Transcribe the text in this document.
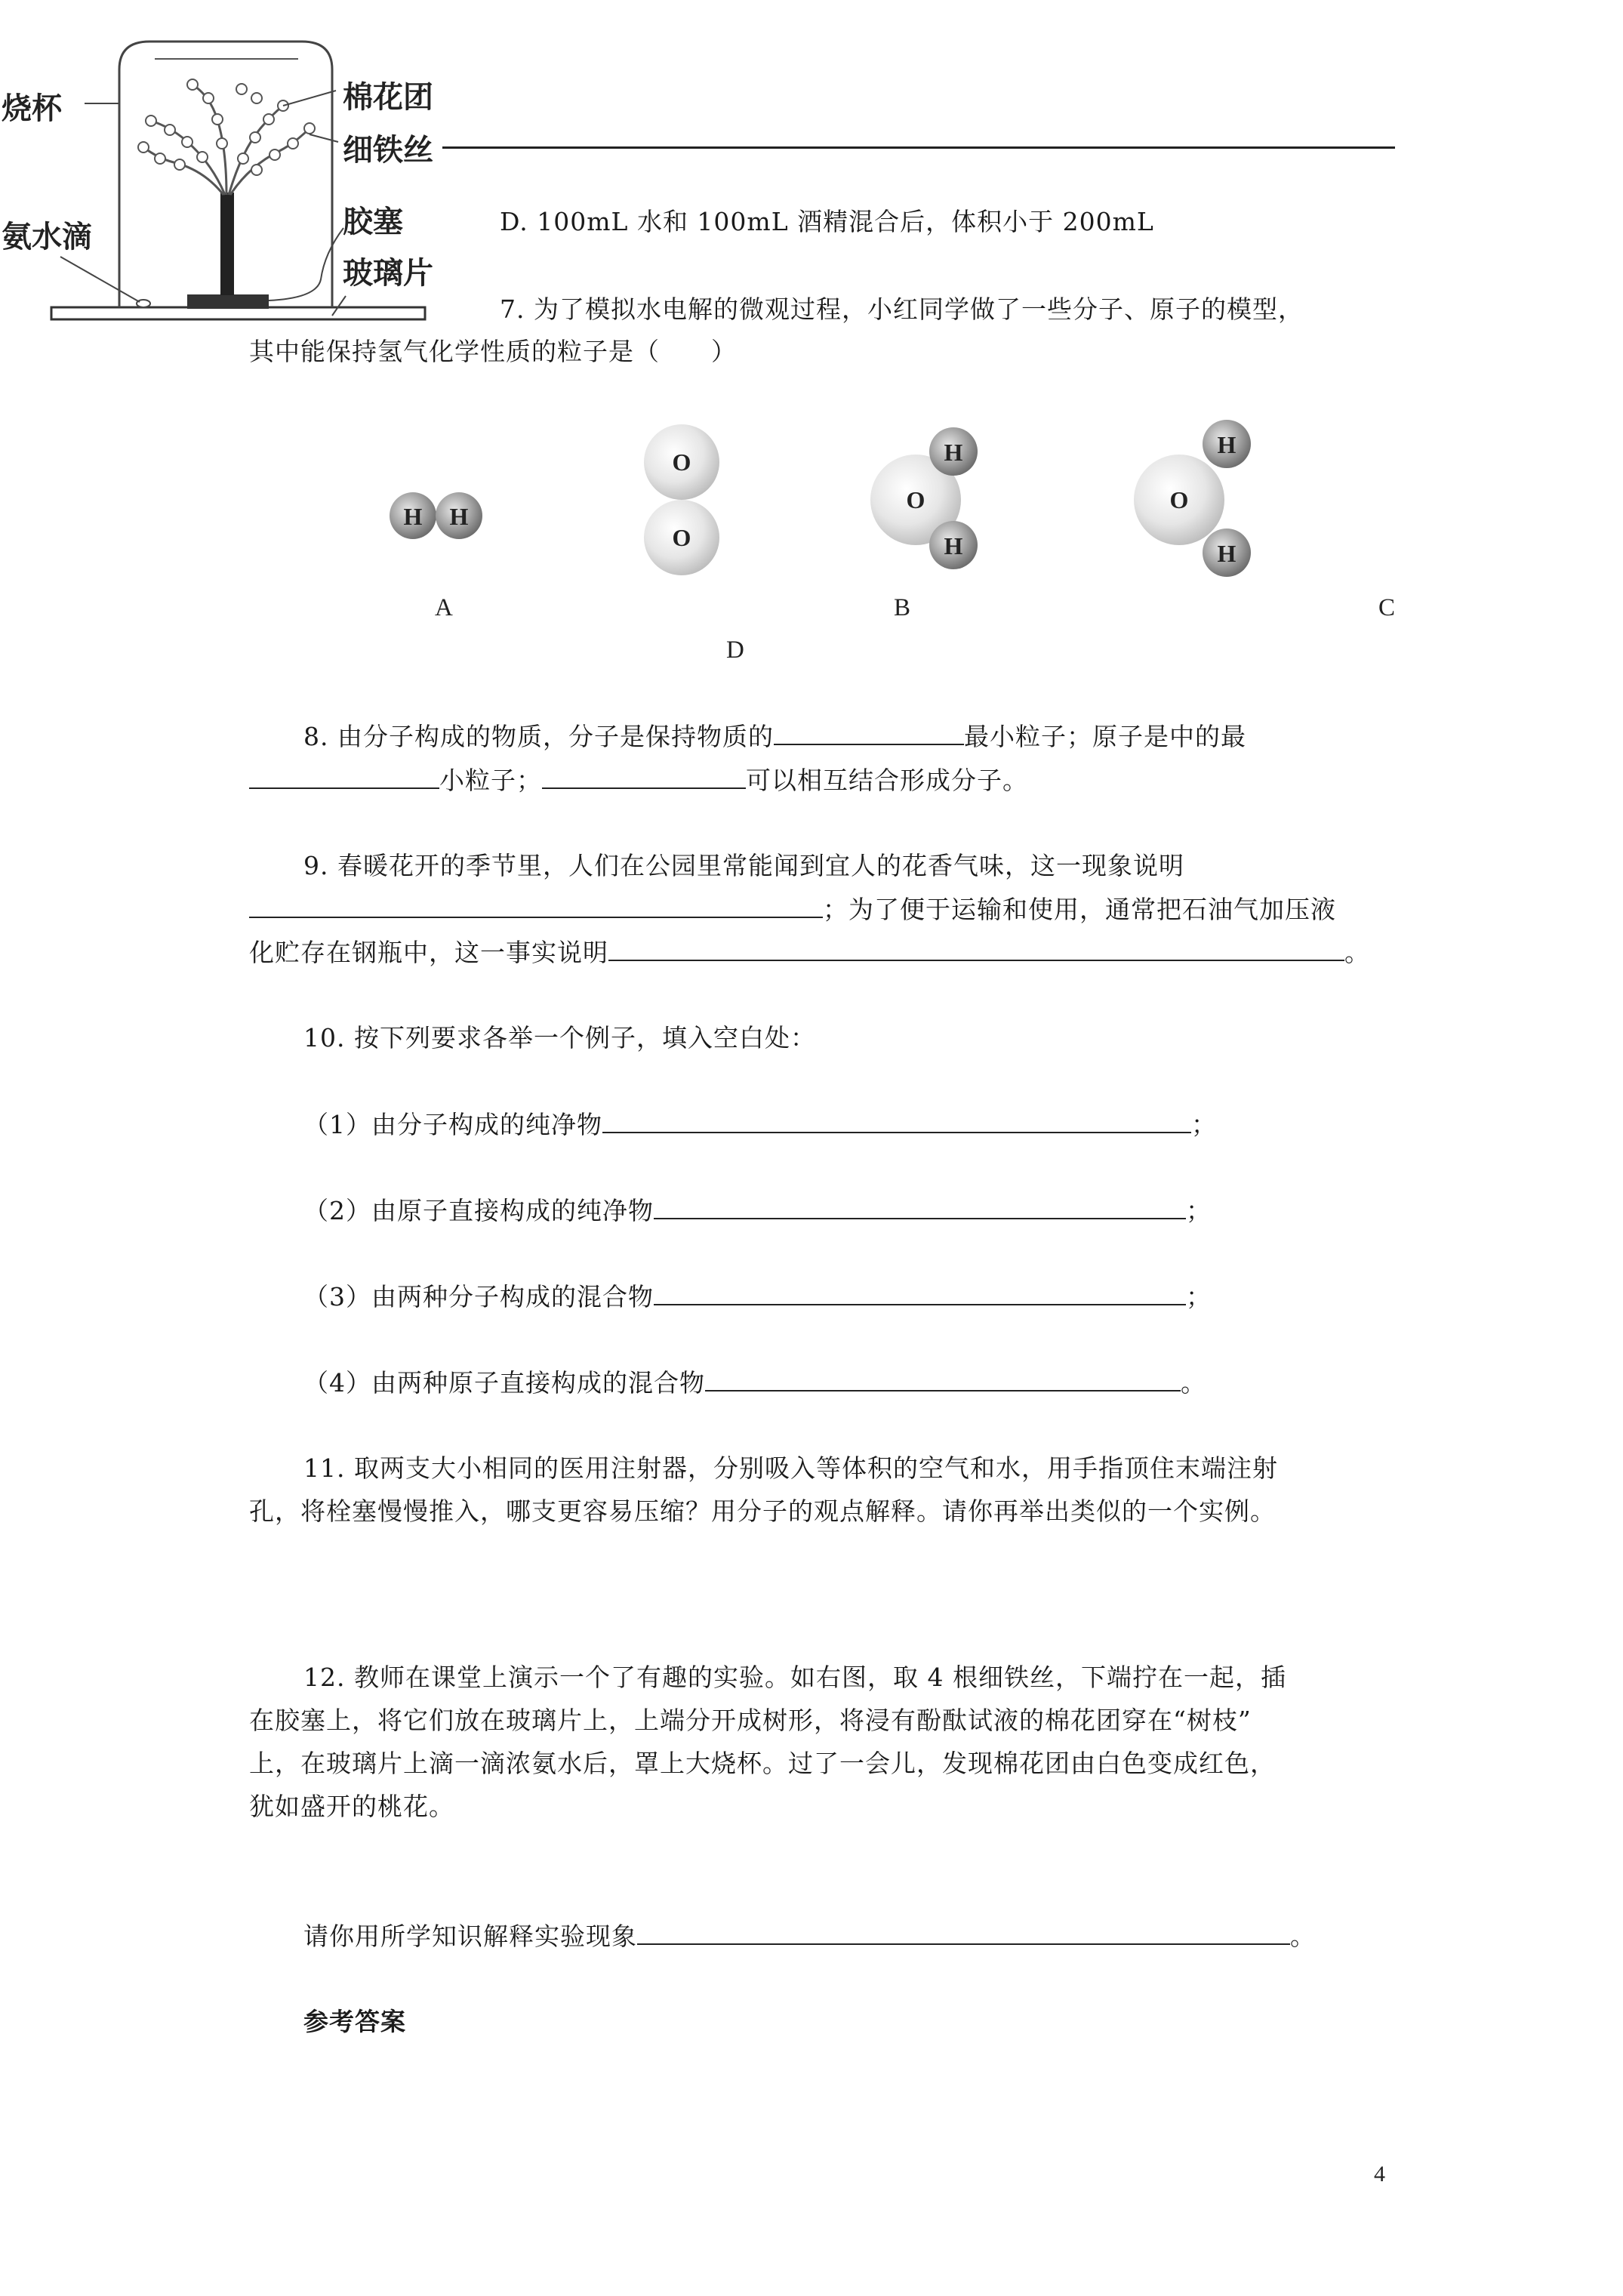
烧杯	棉花团
细铁丝
氨水滴	胶塞
玻璃片
D. 100mL 水和 100mL 酒精混合后，体积小于 200mL
7. 为了模拟水电解的微观过程，小红同学做了一些分子、原子的模型，
其中能保持氢气化学性质的粒子是（　　）
H H
O
O
O
H
H
O
H
H
A	B	C
D
8. 由分子构成的物质，分子是保持物质的	最小粒子；原子是中的最
小粒子；	可以相互结合形成分子。
9. 春暖花开的季节里，人们在公园里常能闻到宜人的花香气味，这一现象说明
；为了便于运输和使用，通常把石油气加压液
化贮存在钢瓶中，这一事实说明	。
10. 按下列要求各举一个例子，填入空白处：
（1）由分子构成的纯净物	；
（2）由原子直接构成的纯净物	；
（3）由两种分子构成的混合物	；
（4）由两种原子直接构成的混合物	。
11. 取两支大小相同的医用注射器，分别吸入等体积的空气和水，用手指顶住末端注射
孔，将栓塞慢慢推入，哪支更容易压缩？用分子的观点解释。请你再举出类似的一个实例。
12. 教师在课堂上演示一个了有趣的实验。如右图，取 4 根细铁丝，下端拧在一起，插
在胶塞上，将它们放在玻璃片上，上端分开成树形，将浸有酚酞试液的棉花团穿在“树枝”
上，在玻璃片上滴一滴浓氨水后，罩上大烧杯。过了一会儿，发现棉花团由白色变成红色，
犹如盛开的桃花。
请你用所学知识解释实验现象	。
参考答案
4
